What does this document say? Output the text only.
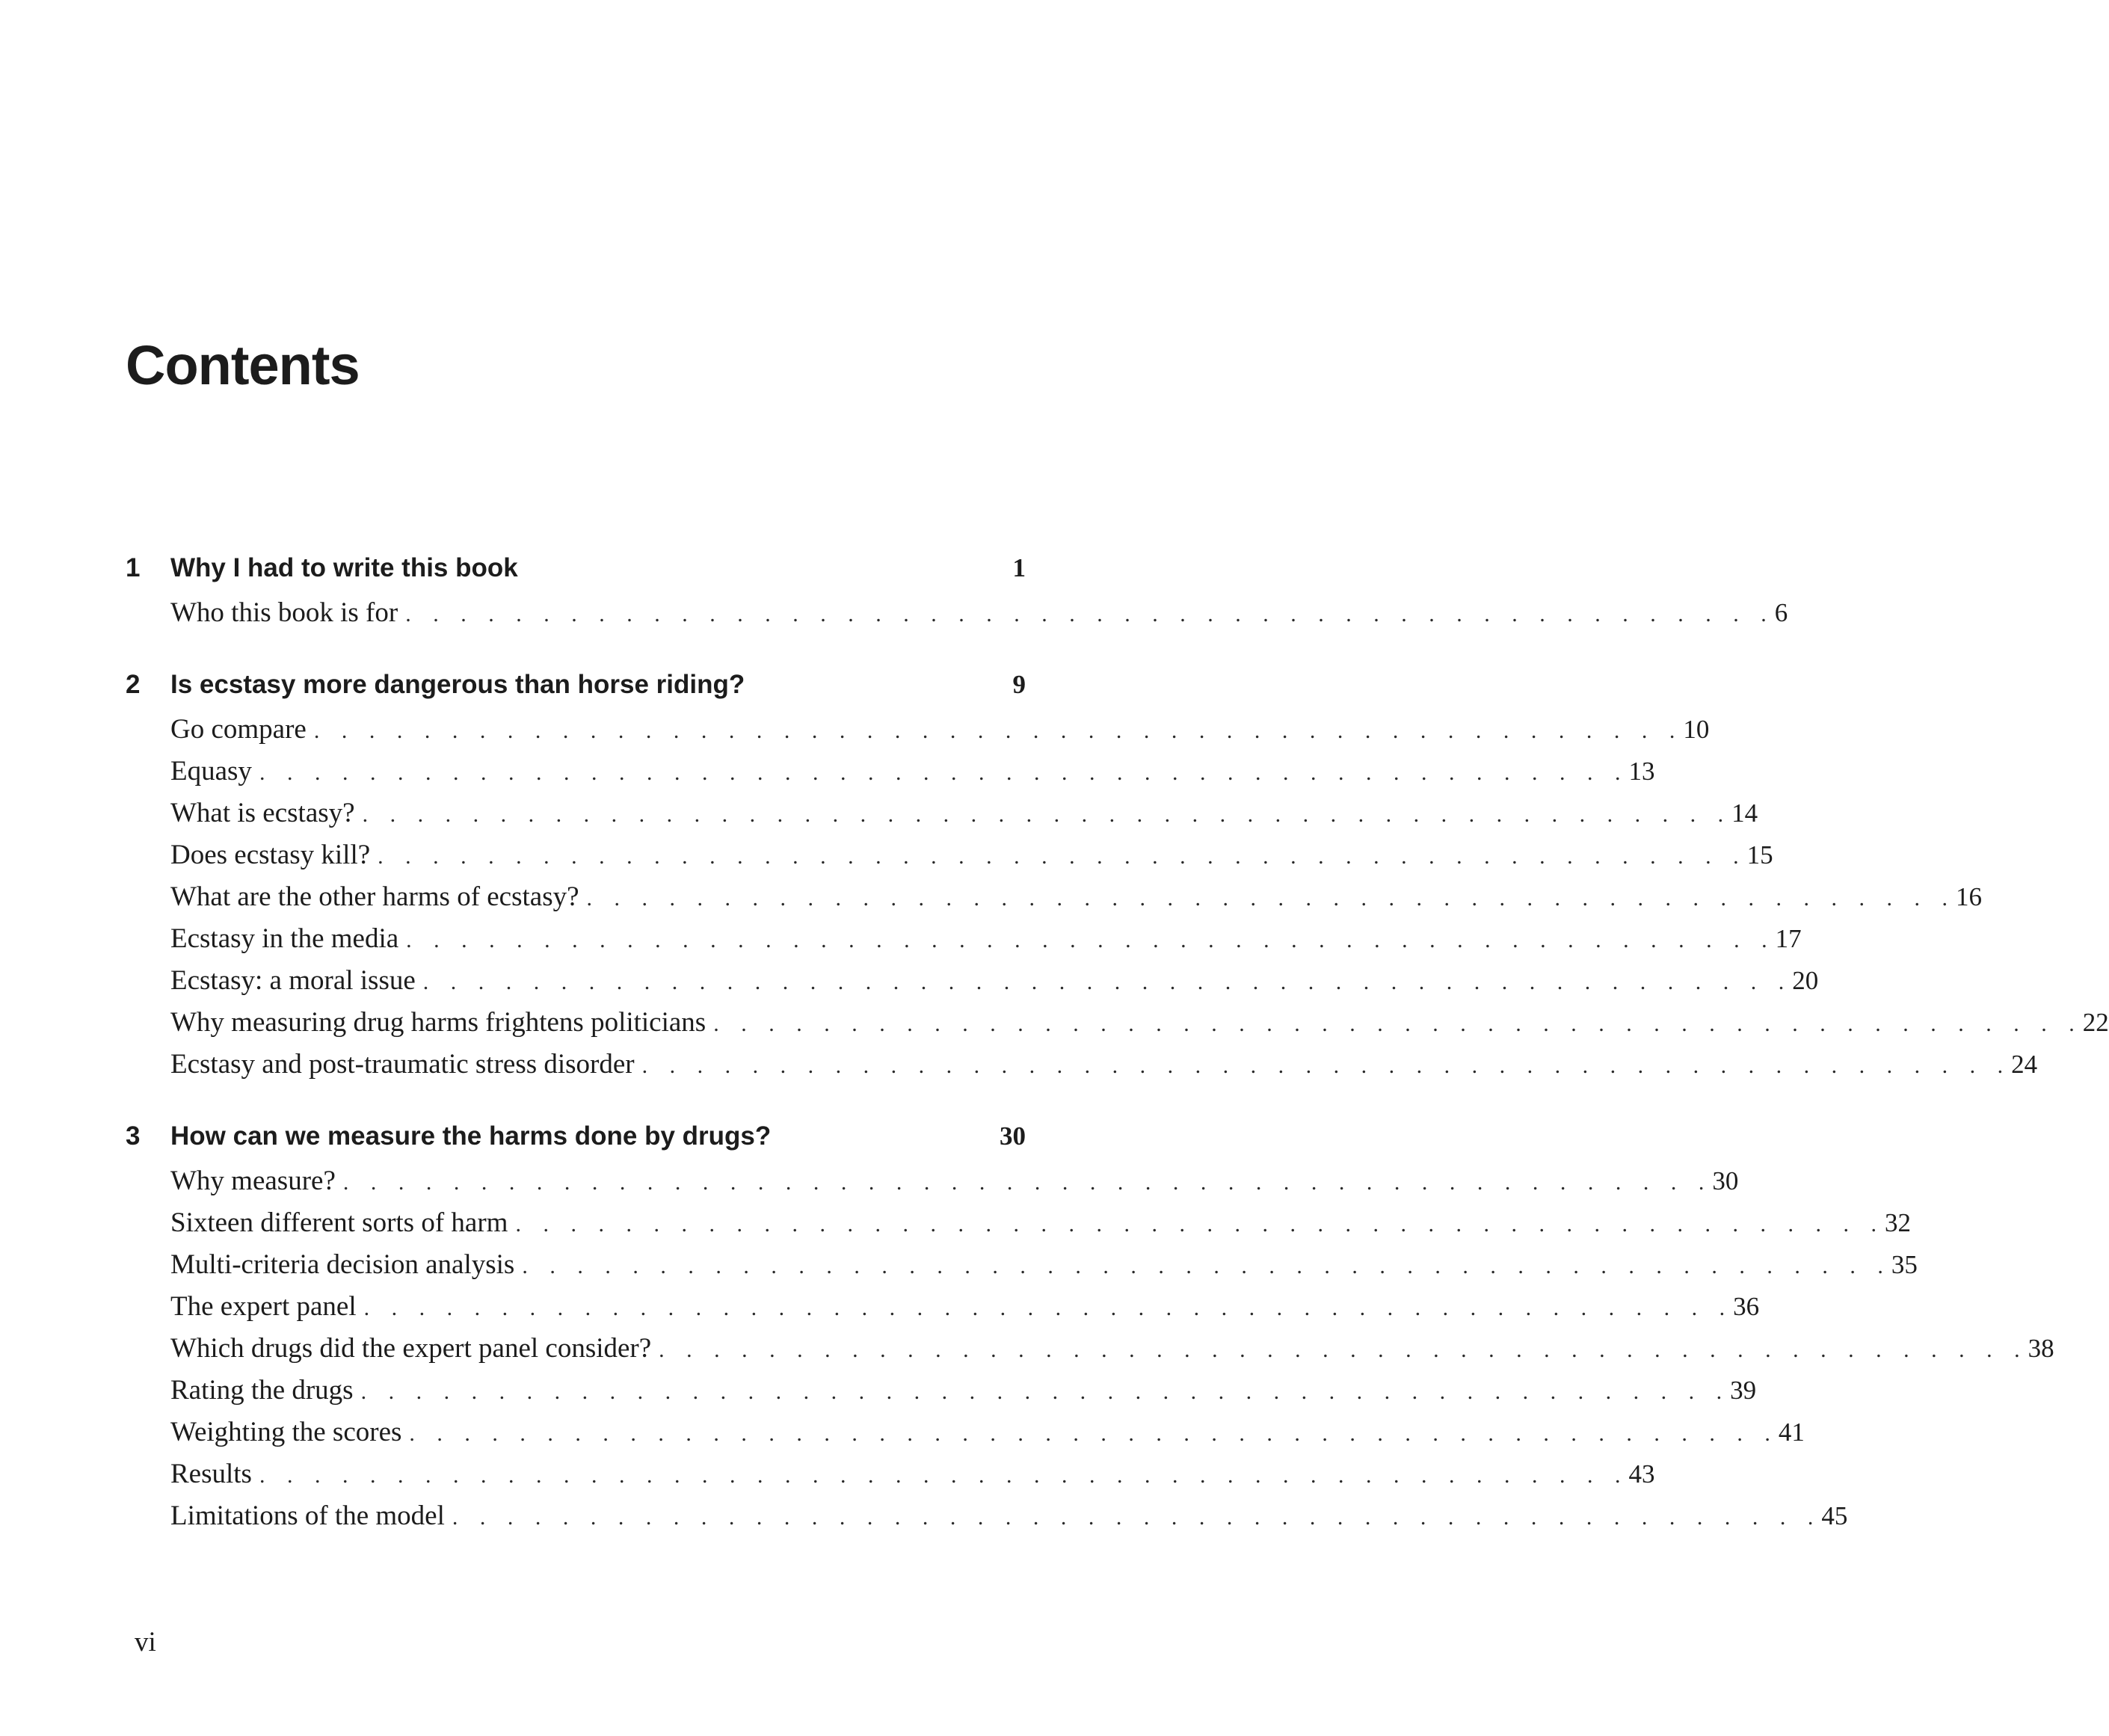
Contents
1	Why I had to write this book	1
Who this book is for . . . . . . . . . . . . . . . . . . . . . . . . . . . . . . . . . . . . . . . . . . . . . . . . . . 6
2	Is ecstasy more dangerous than horse riding?	9
Go compare . . . . . . . . . . . . . . . . . . . . . . . . . . . . . . . . . . . . . . . . . . . . . . . . . . 10
Equasy . . . . . . . . . . . . . . . . . . . . . . . . . . . . . . . . . . . . . . . . . . . . . . . . . . 13
What is ecstasy? . . . . . . . . . . . . . . . . . . . . . . . . . . . . . . . . . . . . . . . . . . . . . . . . . . 14
Does ecstasy kill? . . . . . . . . . . . . . . . . . . . . . . . . . . . . . . . . . . . . . . . . . . . . . . . . . . 15
What are the other harms of ecstasy? . . . . . . . . . . . . . . . . . . . . . . . . . . . . . . . . . . . . . . . . . . . . . . . . . . 16
Ecstasy in the media . . . . . . . . . . . . . . . . . . . . . . . . . . . . . . . . . . . . . . . . . . . . . . . . . . 17
Ecstasy: a moral issue . . . . . . . . . . . . . . . . . . . . . . . . . . . . . . . . . . . . . . . . . . . . . . . . . . 20
Why measuring drug harms frightens politicians . . . . . . . . . . . . . . . . . . . . . . . . . . . . . . . . . . . . . . . . . . . . . . . . . . 22
Ecstasy and post-traumatic stress disorder . . . . . . . . . . . . . . . . . . . . . . . . . . . . . . . . . . . . . . . . . . . . . . . . . . 24
3	How can we measure the harms done by drugs?	30
Why measure? . . . . . . . . . . . . . . . . . . . . . . . . . . . . . . . . . . . . . . . . . . . . . . . . . . 30
Sixteen different sorts of harm . . . . . . . . . . . . . . . . . . . . . . . . . . . . . . . . . . . . . . . . . . . . . . . . . . 32
Multi-criteria decision analysis . . . . . . . . . . . . . . . . . . . . . . . . . . . . . . . . . . . . . . . . . . . . . . . . . . 35
The expert panel . . . . . . . . . . . . . . . . . . . . . . . . . . . . . . . . . . . . . . . . . . . . . . . . . . 36
Which drugs did the expert panel consider? . . . . . . . . . . . . . . . . . . . . . . . . . . . . . . . . . . . . . . . . . . . . . . . . . . 38
Rating the drugs . . . . . . . . . . . . . . . . . . . . . . . . . . . . . . . . . . . . . . . . . . . . . . . . . . 39
Weighting the scores . . . . . . . . . . . . . . . . . . . . . . . . . . . . . . . . . . . . . . . . . . . . . . . . . . 41
Results . . . . . . . . . . . . . . . . . . . . . . . . . . . . . . . . . . . . . . . . . . . . . . . . . . 43
Limitations of the model . . . . . . . . . . . . . . . . . . . . . . . . . . . . . . . . . . . . . . . . . . . . . . . . . . 45
vi
